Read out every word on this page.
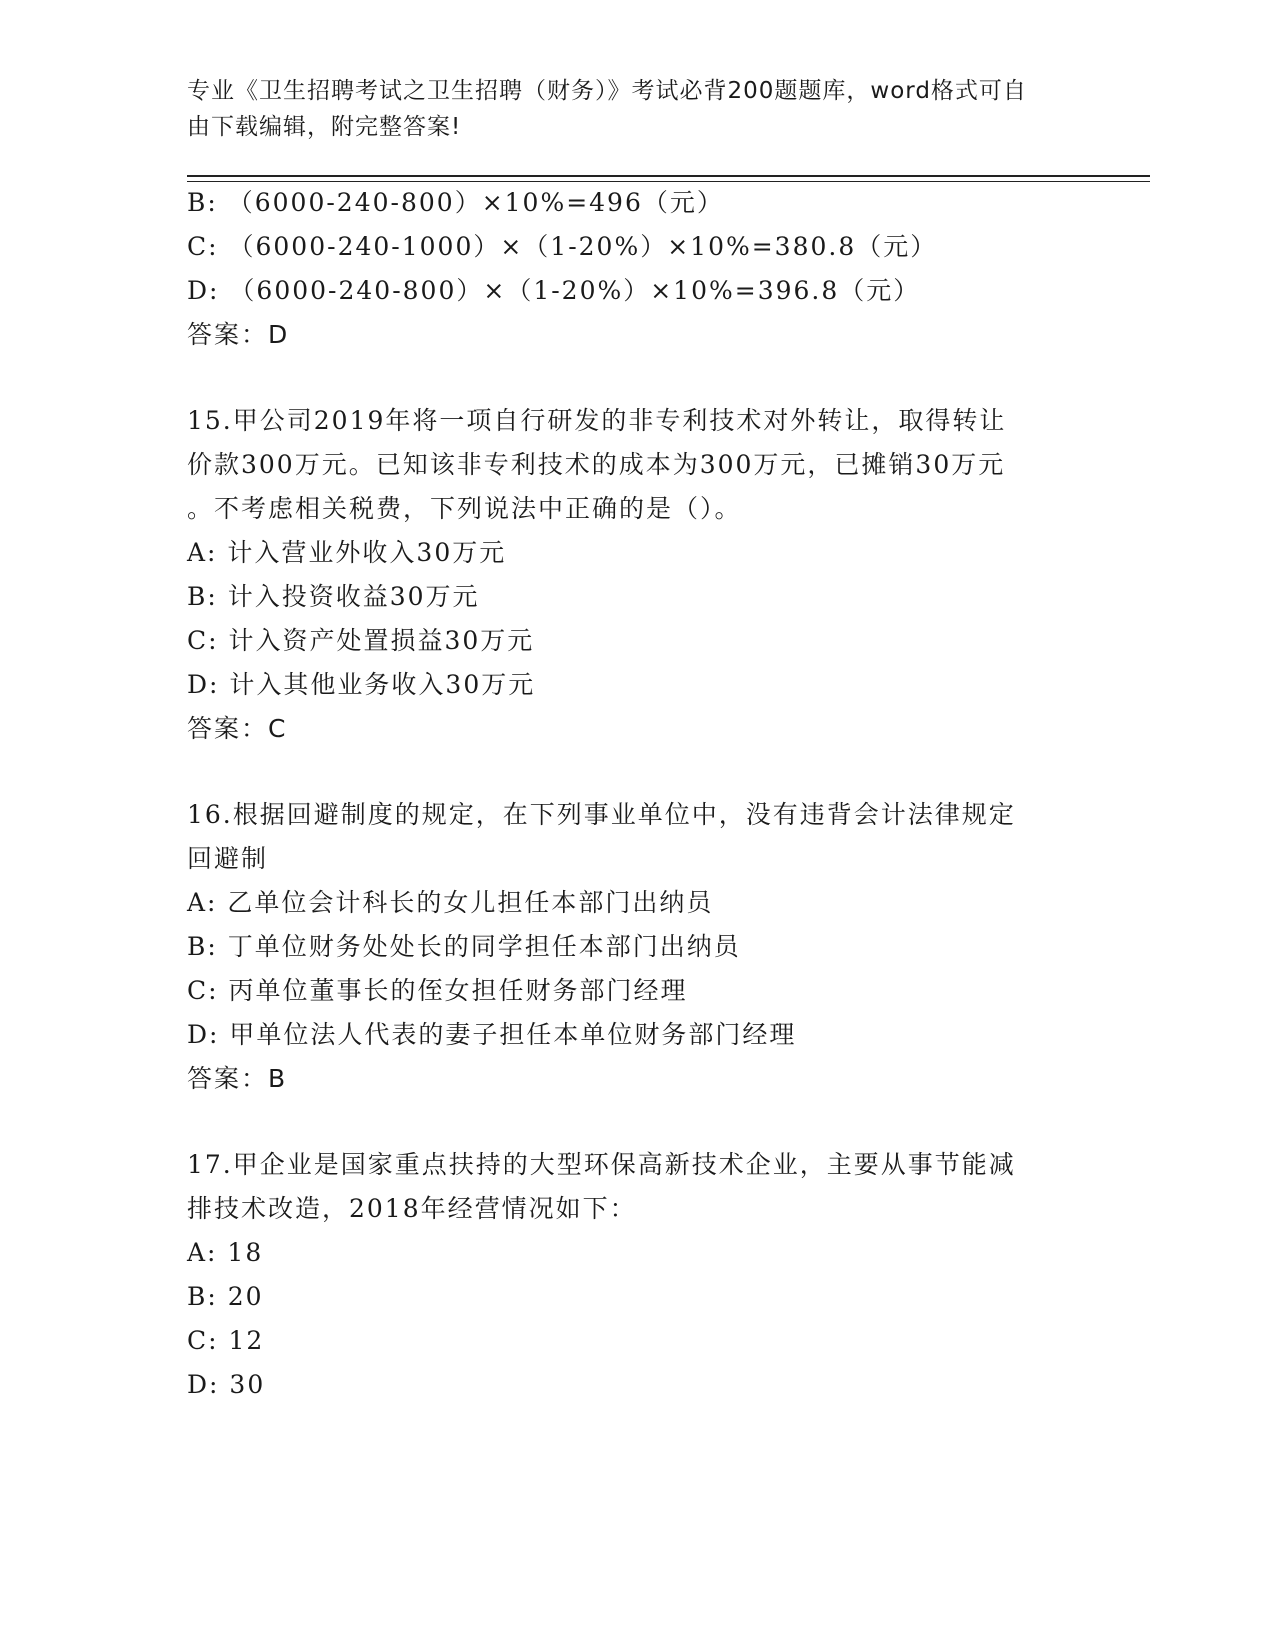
专业《卫生招聘考试之卫生招聘（财务）》考试必背200题题库，word格式可自
由下载编辑，附完整答案!
B: （6000-240-800）×10%=496（元）
C: （6000-240-1000）×（1-20%）×10%=380.8（元）
D: （6000-240-800）×（1-20%）×10%=396.8（元）
答案：D
15.甲公司2019年将一项自行研发的非专利技术对外转让，取得转让
价款300万元。已知该非专利技术的成本为300万元，已摊销30万元
。不考虑相关税费，下列说法中正确的是（）。
A: 计入营业外收入30万元
B: 计入投资收益30万元
C: 计入资产处置损益30万元
D: 计入其他业务收入30万元
答案：C
16.根据回避制度的规定，在下列事业单位中，没有违背会计法律规定
回避制
A: 乙单位会计科长的女儿担任本部门出纳员
B: 丁单位财务处处长的同学担任本部门出纳员
C: 丙单位董事长的侄女担任财务部门经理
D: 甲单位法人代表的妻子担任本单位财务部门经理
答案：B
17.甲企业是国家重点扶持的大型环保高新技术企业，主要从事节能减
排技术改造，2018年经营情况如下：
A: 18
B: 20
C: 12
D: 30
